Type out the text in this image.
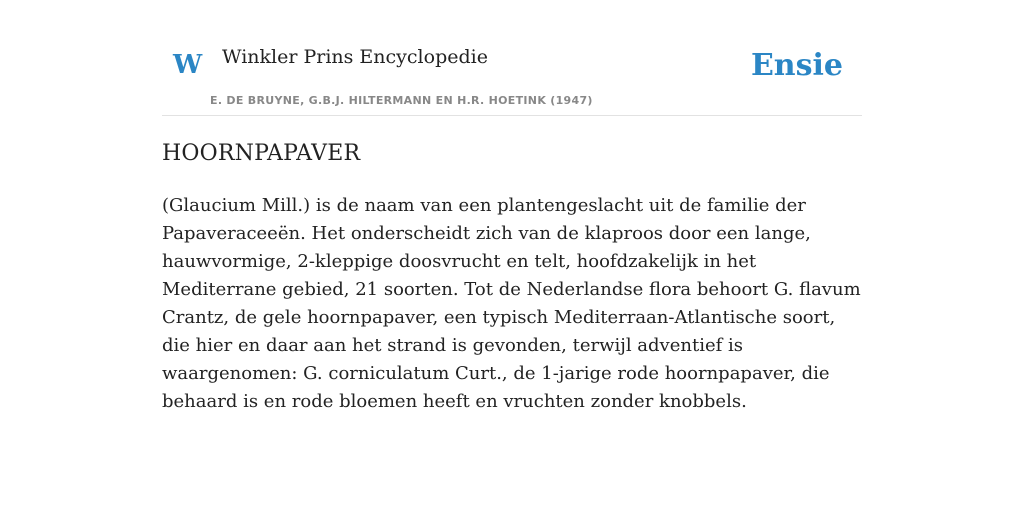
W Winkler Prins Encyclopedie
E. DE BRUYNE, G.B.J. HILTERMANN EN H.R. HOETINK (1947)
Ensie
HOORNPAPAVER

(Glaucium Mill.) is de naam van een plantengeslacht uit de familie der Papaveraceeën. Het onderscheidt zich van de klaproos door een lange, hauwvormige, 2-kleppige doosvrucht en telt, hoofdzakelijk in het Mediterrane gebied, 21 soorten. Tot de Nederlandse flora behoort G. flavum Crantz, de gele hoornpapaver, een typisch Mediterraan-Atlantische soort, die hier en daar aan het strand is gevonden, terwijl adventief is waargenomen: G. corniculatum Curt., de 1-jarige rode hoornpapaver, die behaard is en rode bloemen heeft en vruchten zonder knobbels.
